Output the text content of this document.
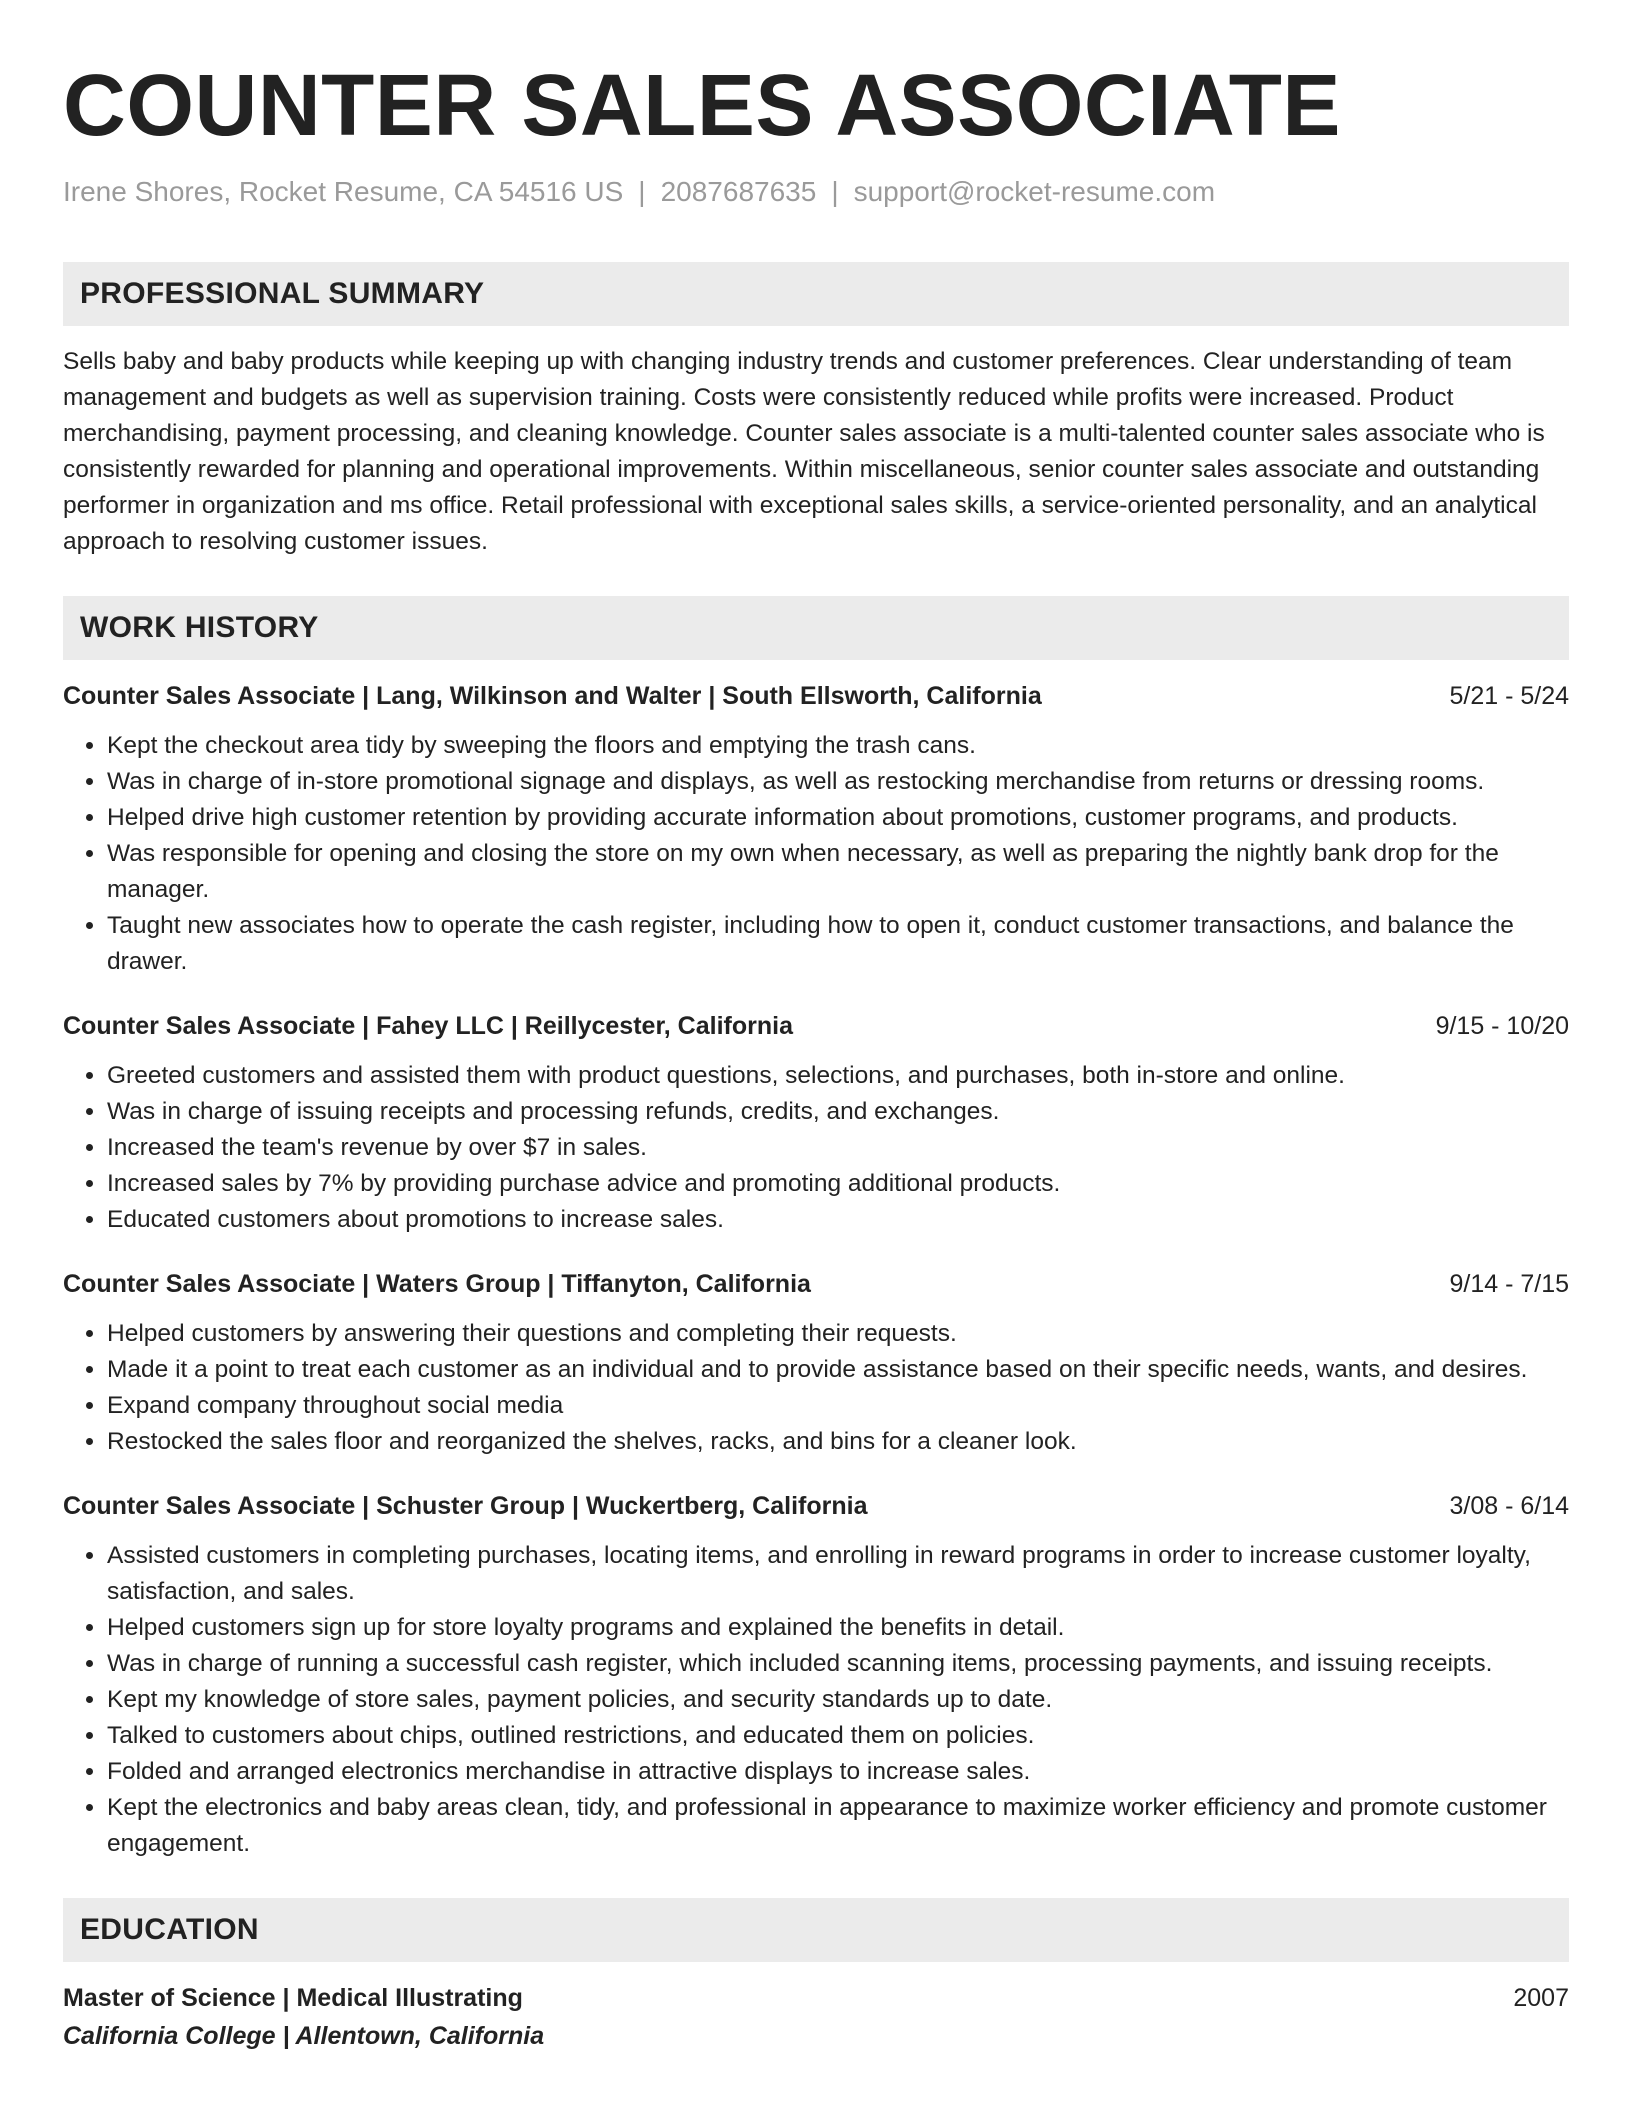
COUNTER SALES ASSOCIATE
Irene Shores, Rocket Resume, CA 54516 US | 2087687635 | support@rocket-resume.com
PROFESSIONAL SUMMARY
Sells baby and baby products while keeping up with changing industry trends and customer preferences. Clear understanding of team management and budgets as well as supervision training. Costs were consistently reduced while profits were increased. Product merchandising, payment processing, and cleaning knowledge. Counter sales associate is a multi-talented counter sales associate who is consistently rewarded for planning and operational improvements. Within miscellaneous, senior counter sales associate and outstanding performer in organization and ms office. Retail professional with exceptional sales skills, a service-oriented personality, and an analytical approach to resolving customer issues.
WORK HISTORY
Counter Sales Associate | Lang, Wilkinson and Walter | South Ellsworth, California	5/21 - 5/24
• Kept the checkout area tidy by sweeping the floors and emptying the trash cans.
• Was in charge of in-store promotional signage and displays, as well as restocking merchandise from returns or dressing rooms.
• Helped drive high customer retention by providing accurate information about promotions, customer programs, and products.
• Was responsible for opening and closing the store on my own when necessary, as well as preparing the nightly bank drop for the manager.
• Taught new associates how to operate the cash register, including how to open it, conduct customer transactions, and balance the drawer.
Counter Sales Associate | Fahey LLC | Reillycester, California	9/15 - 10/20
• Greeted customers and assisted them with product questions, selections, and purchases, both in-store and online.
• Was in charge of issuing receipts and processing refunds, credits, and exchanges.
• Increased the team's revenue by over $7 in sales.
• Increased sales by 7% by providing purchase advice and promoting additional products.
• Educated customers about promotions to increase sales.
Counter Sales Associate | Waters Group | Tiffanyton, California	9/14 - 7/15
• Helped customers by answering their questions and completing their requests.
• Made it a point to treat each customer as an individual and to provide assistance based on their specific needs, wants, and desires.
• Expand company throughout social media
• Restocked the sales floor and reorganized the shelves, racks, and bins for a cleaner look.
Counter Sales Associate | Schuster Group | Wuckertberg, California	3/08 - 6/14
• Assisted customers in completing purchases, locating items, and enrolling in reward programs in order to increase customer loyalty, satisfaction, and sales.
• Helped customers sign up for store loyalty programs and explained the benefits in detail.
• Was in charge of running a successful cash register, which included scanning items, processing payments, and issuing receipts.
• Kept my knowledge of store sales, payment policies, and security standards up to date.
• Talked to customers about chips, outlined restrictions, and educated them on policies.
• Folded and arranged electronics merchandise in attractive displays to increase sales.
• Kept the electronics and baby areas clean, tidy, and professional in appearance to maximize worker efficiency and promote customer engagement.
EDUCATION
Master of Science | Medical Illustrating	2007
California College | Allentown, California
